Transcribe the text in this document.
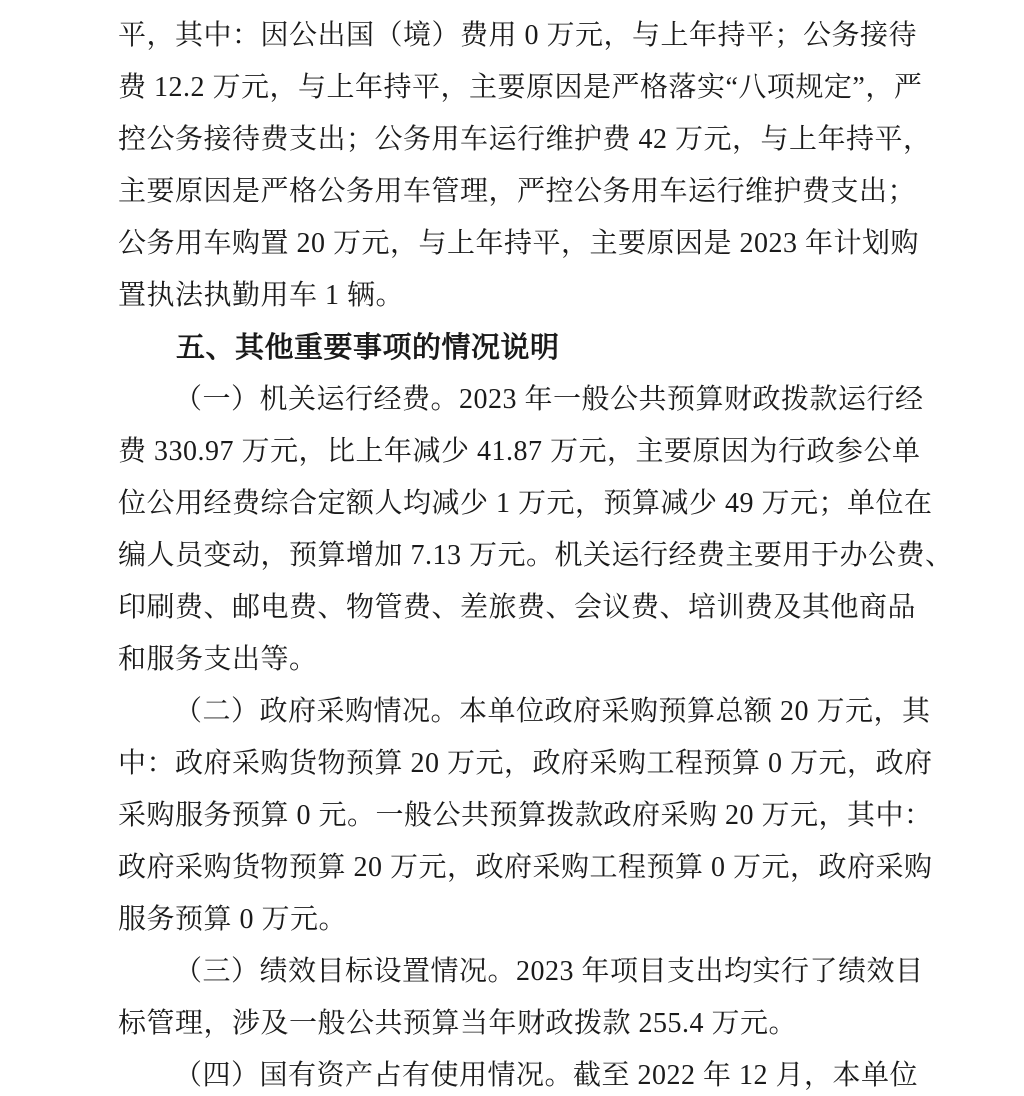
平，其中：因公出国（境）费用 0 万元，与上年持平；公务接待
费 12.2 万元，与上年持平，主要原因是严格落实“八项规定”，严
控公务接待费支出；公务用车运行维护费 42 万元，与上年持平，
主要原因是严格公务用车管理，严控公务用车运行维护费支出；
公务用车购置 20 万元，与上年持平，主要原因是 2023 年计划购
置执法执勤用车 1 辆。
五、其他重要事项的情况说明
（一）机关运行经费。2023 年一般公共预算财政拨款运行经
费 330.97 万元，比上年减少 41.87 万元，主要原因为行政参公单
位公用经费综合定额人均减少 1 万元，预算减少 49 万元；单位在
编人员变动，预算增加 7.13 万元。机关运行经费主要用于办公费、
印刷费、邮电费、物管费、差旅费、会议费、培训费及其他商品
和服务支出等。
（二）政府采购情况。本单位政府采购预算总额 20 万元，其
中：政府采购货物预算 20 万元，政府采购工程预算 0 万元，政府
采购服务预算 0 元。一般公共预算拨款政府采购 20 万元，其中：
政府采购货物预算 20 万元，政府采购工程预算 0 万元，政府采购
服务预算 0 万元。
（三）绩效目标设置情况。2023 年项目支出均实行了绩效目
标管理，涉及一般公共预算当年财政拨款 255.4 万元。
（四）国有资产占有使用情况。截至 2022 年 12 月，本单位
